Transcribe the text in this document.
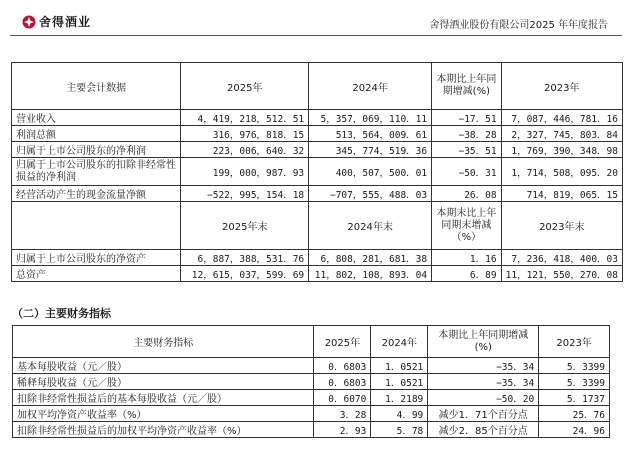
舍得酒业	舍得酒业股份有限公司2025 年年度报告
主要会计数据	2025年	2024年	本期比上年同期增减(%)	2023年
营业收入	4，419，218，512．51	5，357，069，110．11	−17．51	7，087，446，781．16
利润总额	316，976，818．15	513，564，009．61	−38．28	2，327，745，803．84
归属于上市公司股东的净利润	223，006，640．32	345，774，519．36	−35．51	1，769，390，348．98
归属于上市公司股东的扣除非经常性损益的净利润	199，000，987．93	400，507，500．01	−50．31	1，714，508，095．20
经营活动产生的现金流量净额	−522，995，154．18	−707，555，488．03	26．08	714，819，065．15
	2025年末	2024年末	本期末比上年同期末增减（%）	2023年末
归属于上市公司股东的净资产	6，887，388，531．76	6，808，281，681．38	1．16	7，236，418，400．03
总资产	12，615，037，599．69	11，802，108，893．04	6．89	11，121，550，270．08
（二）主要财务指标
主要财务指标	2025年	2024年	本期比上年同期增减(%)	2023年
基本每股收益（元／股）	0．6803	1．0521	−35．34	5．3399
稀释每股收益（元／股）	0．6803	1．0521	−35．34	5．3399
扣除非经常性损益后的基本每股收益（元／股）	0．6070	1．2189	−50．20	5．1737
加权平均净资产收益率（%）	3．28	4．99	减少1．71个百分点	25．76
扣除非经常性损益后的加权平均净资产收益率（%）	2．93	5．78	减少2．85个百分点	24．96
